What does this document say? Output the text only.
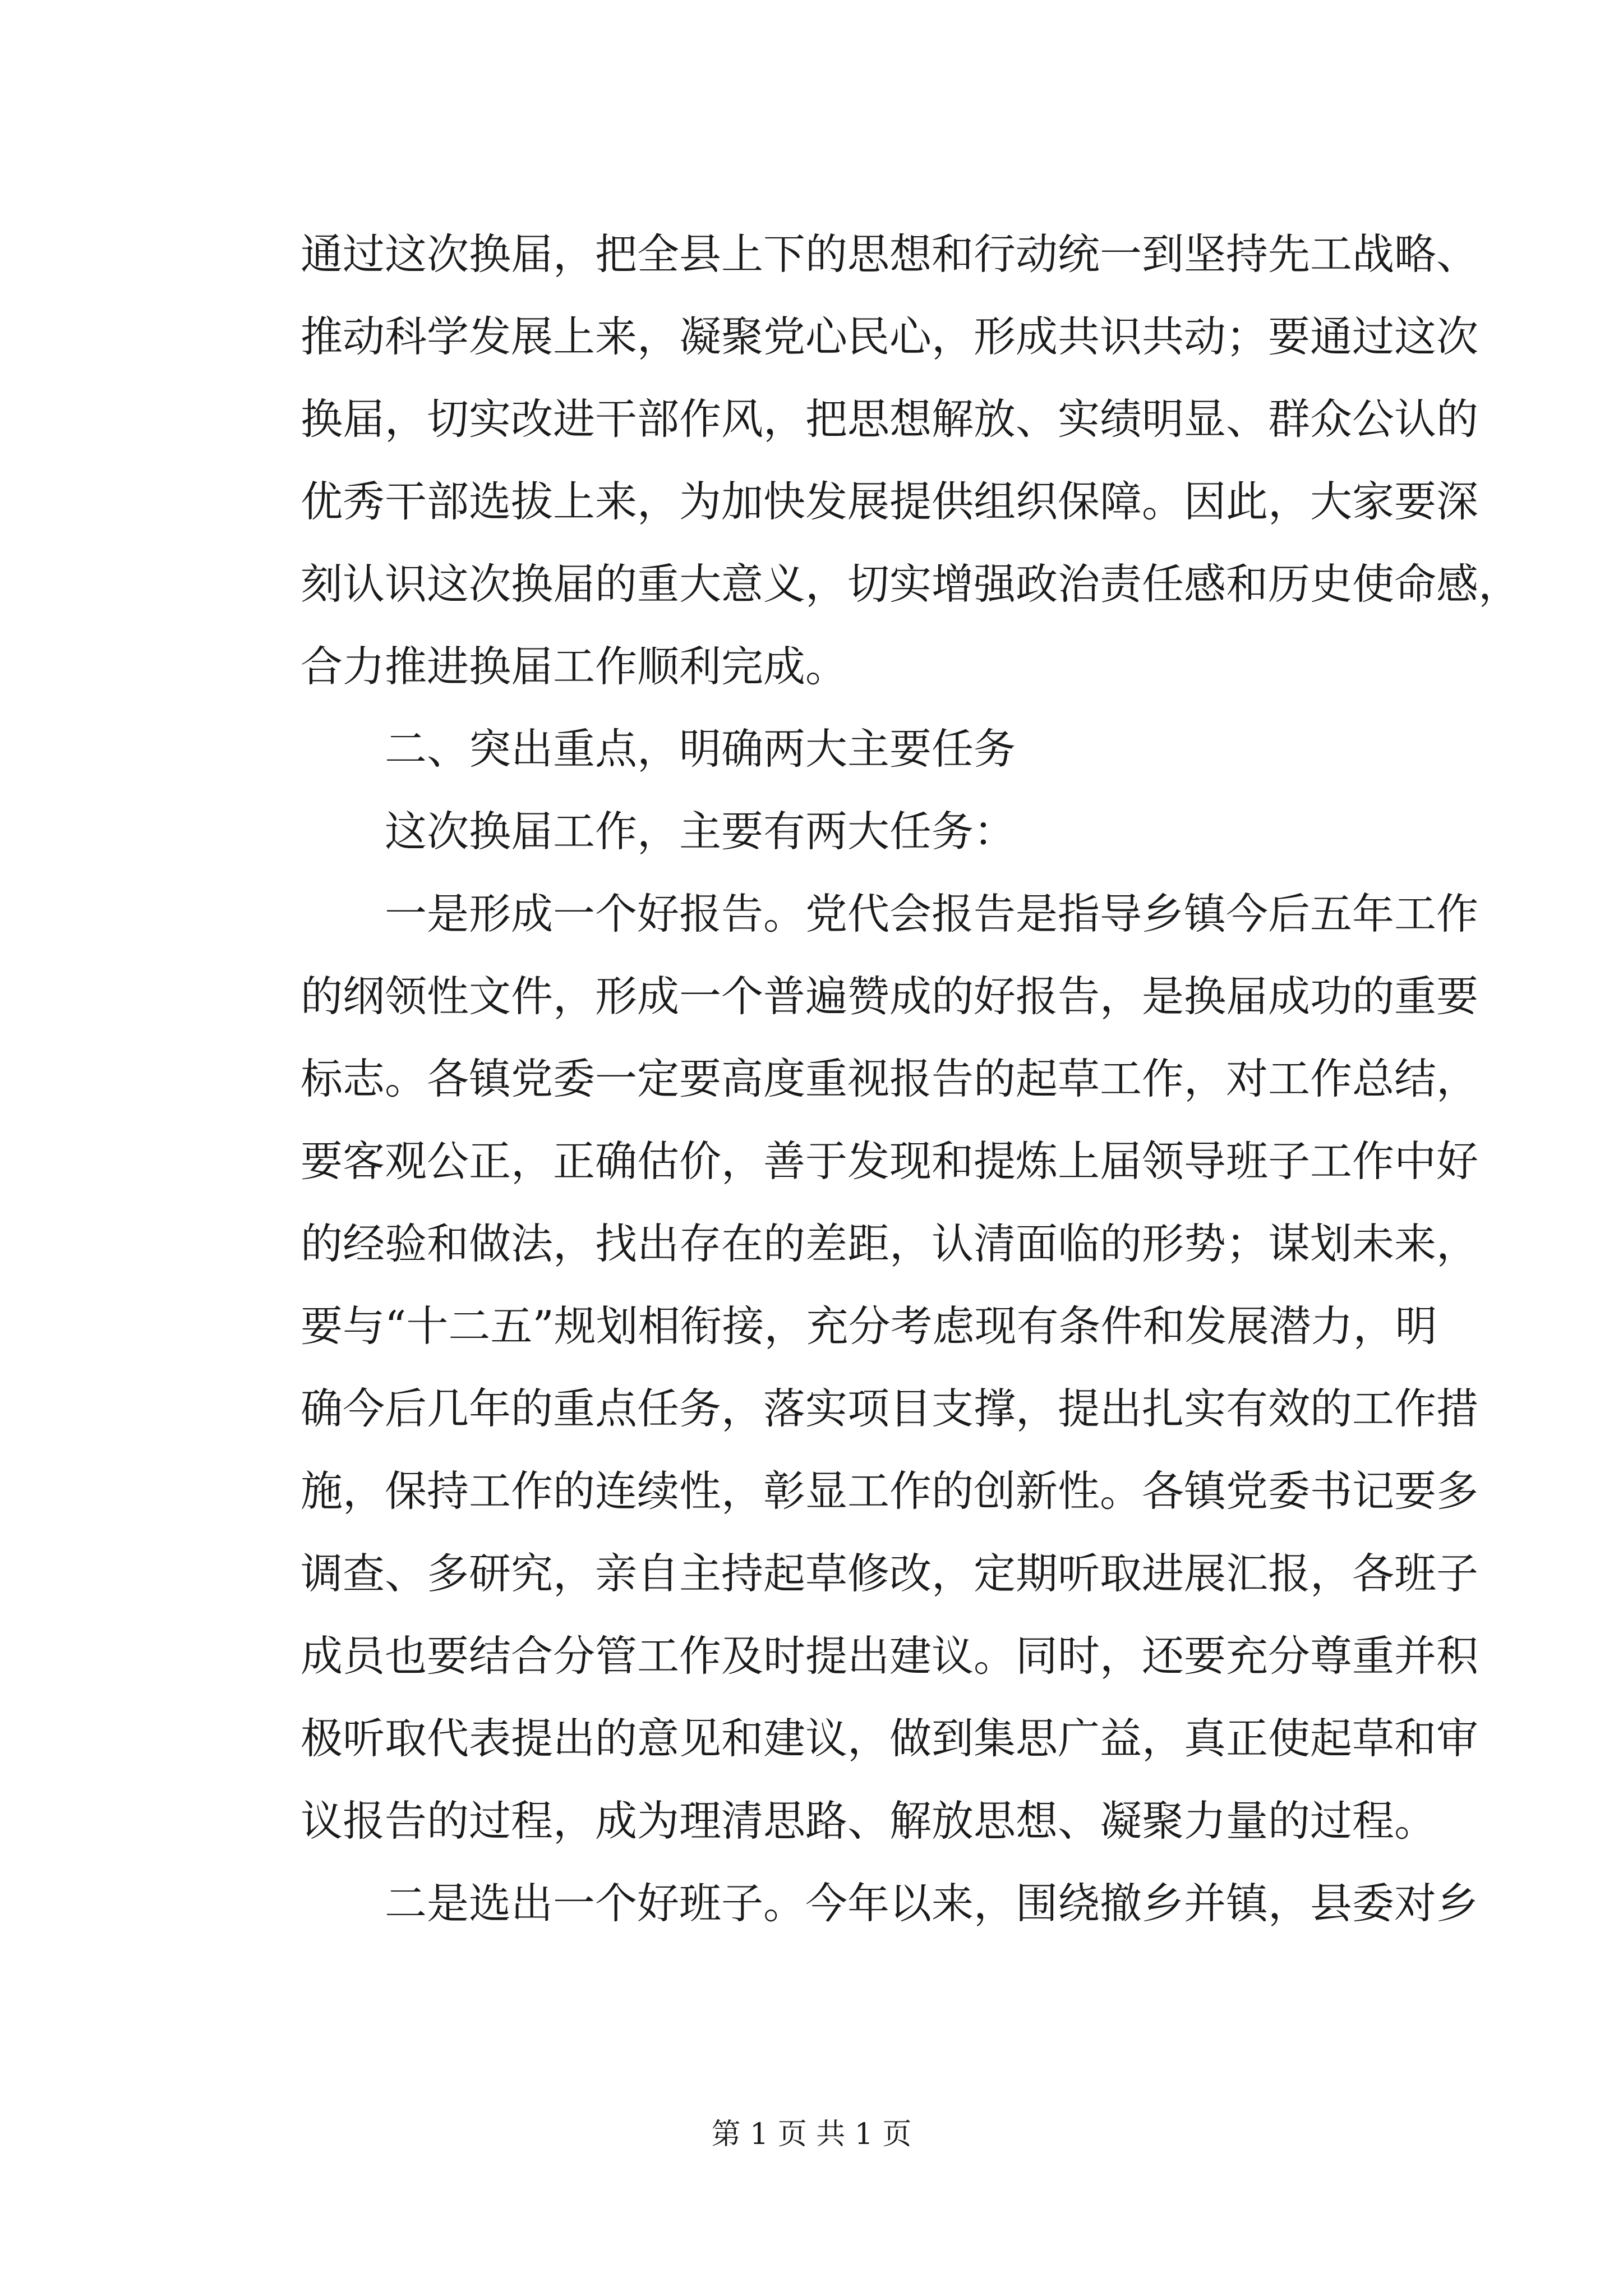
通过这次换届，把全县上下的思想和行动统一到坚持先工战略、
推动科学发展上来，凝聚党心民心，形成共识共动；要通过这次
换届，切实改进干部作风，把思想解放、实绩明显、群众公认的
优秀干部选拔上来，为加快发展提供组织保障。因此，大家要深
刻认识这次换届的重大意义，切实增强政治责任感和历史使命感，
合力推进换届工作顺利完成。
二、突出重点，明确两大主要任务
这次换届工作，主要有两大任务：
一是形成一个好报告。党代会报告是指导乡镇今后五年工作
的纲领性文件，形成一个普遍赞成的好报告，是换届成功的重要
标志。各镇党委一定要高度重视报告的起草工作，对工作总结，
要客观公正，正确估价，善于发现和提炼上届领导班子工作中好
的经验和做法，找出存在的差距，认清面临的形势；谋划未来，
要与“十二五”规划相衔接，充分考虑现有条件和发展潜力，明
确今后几年的重点任务，落实项目支撑，提出扎实有效的工作措
施，保持工作的连续性，彰显工作的创新性。各镇党委书记要多
调查、多研究，亲自主持起草修改，定期听取进展汇报，各班子
成员也要结合分管工作及时提出建议。同时，还要充分尊重并积
极听取代表提出的意见和建议，做到集思广益，真正使起草和审
议报告的过程，成为理清思路、解放思想、凝聚力量的过程。
二是选出一个好班子。今年以来，围绕撤乡并镇，县委对乡
第 1 页 共 1 页
